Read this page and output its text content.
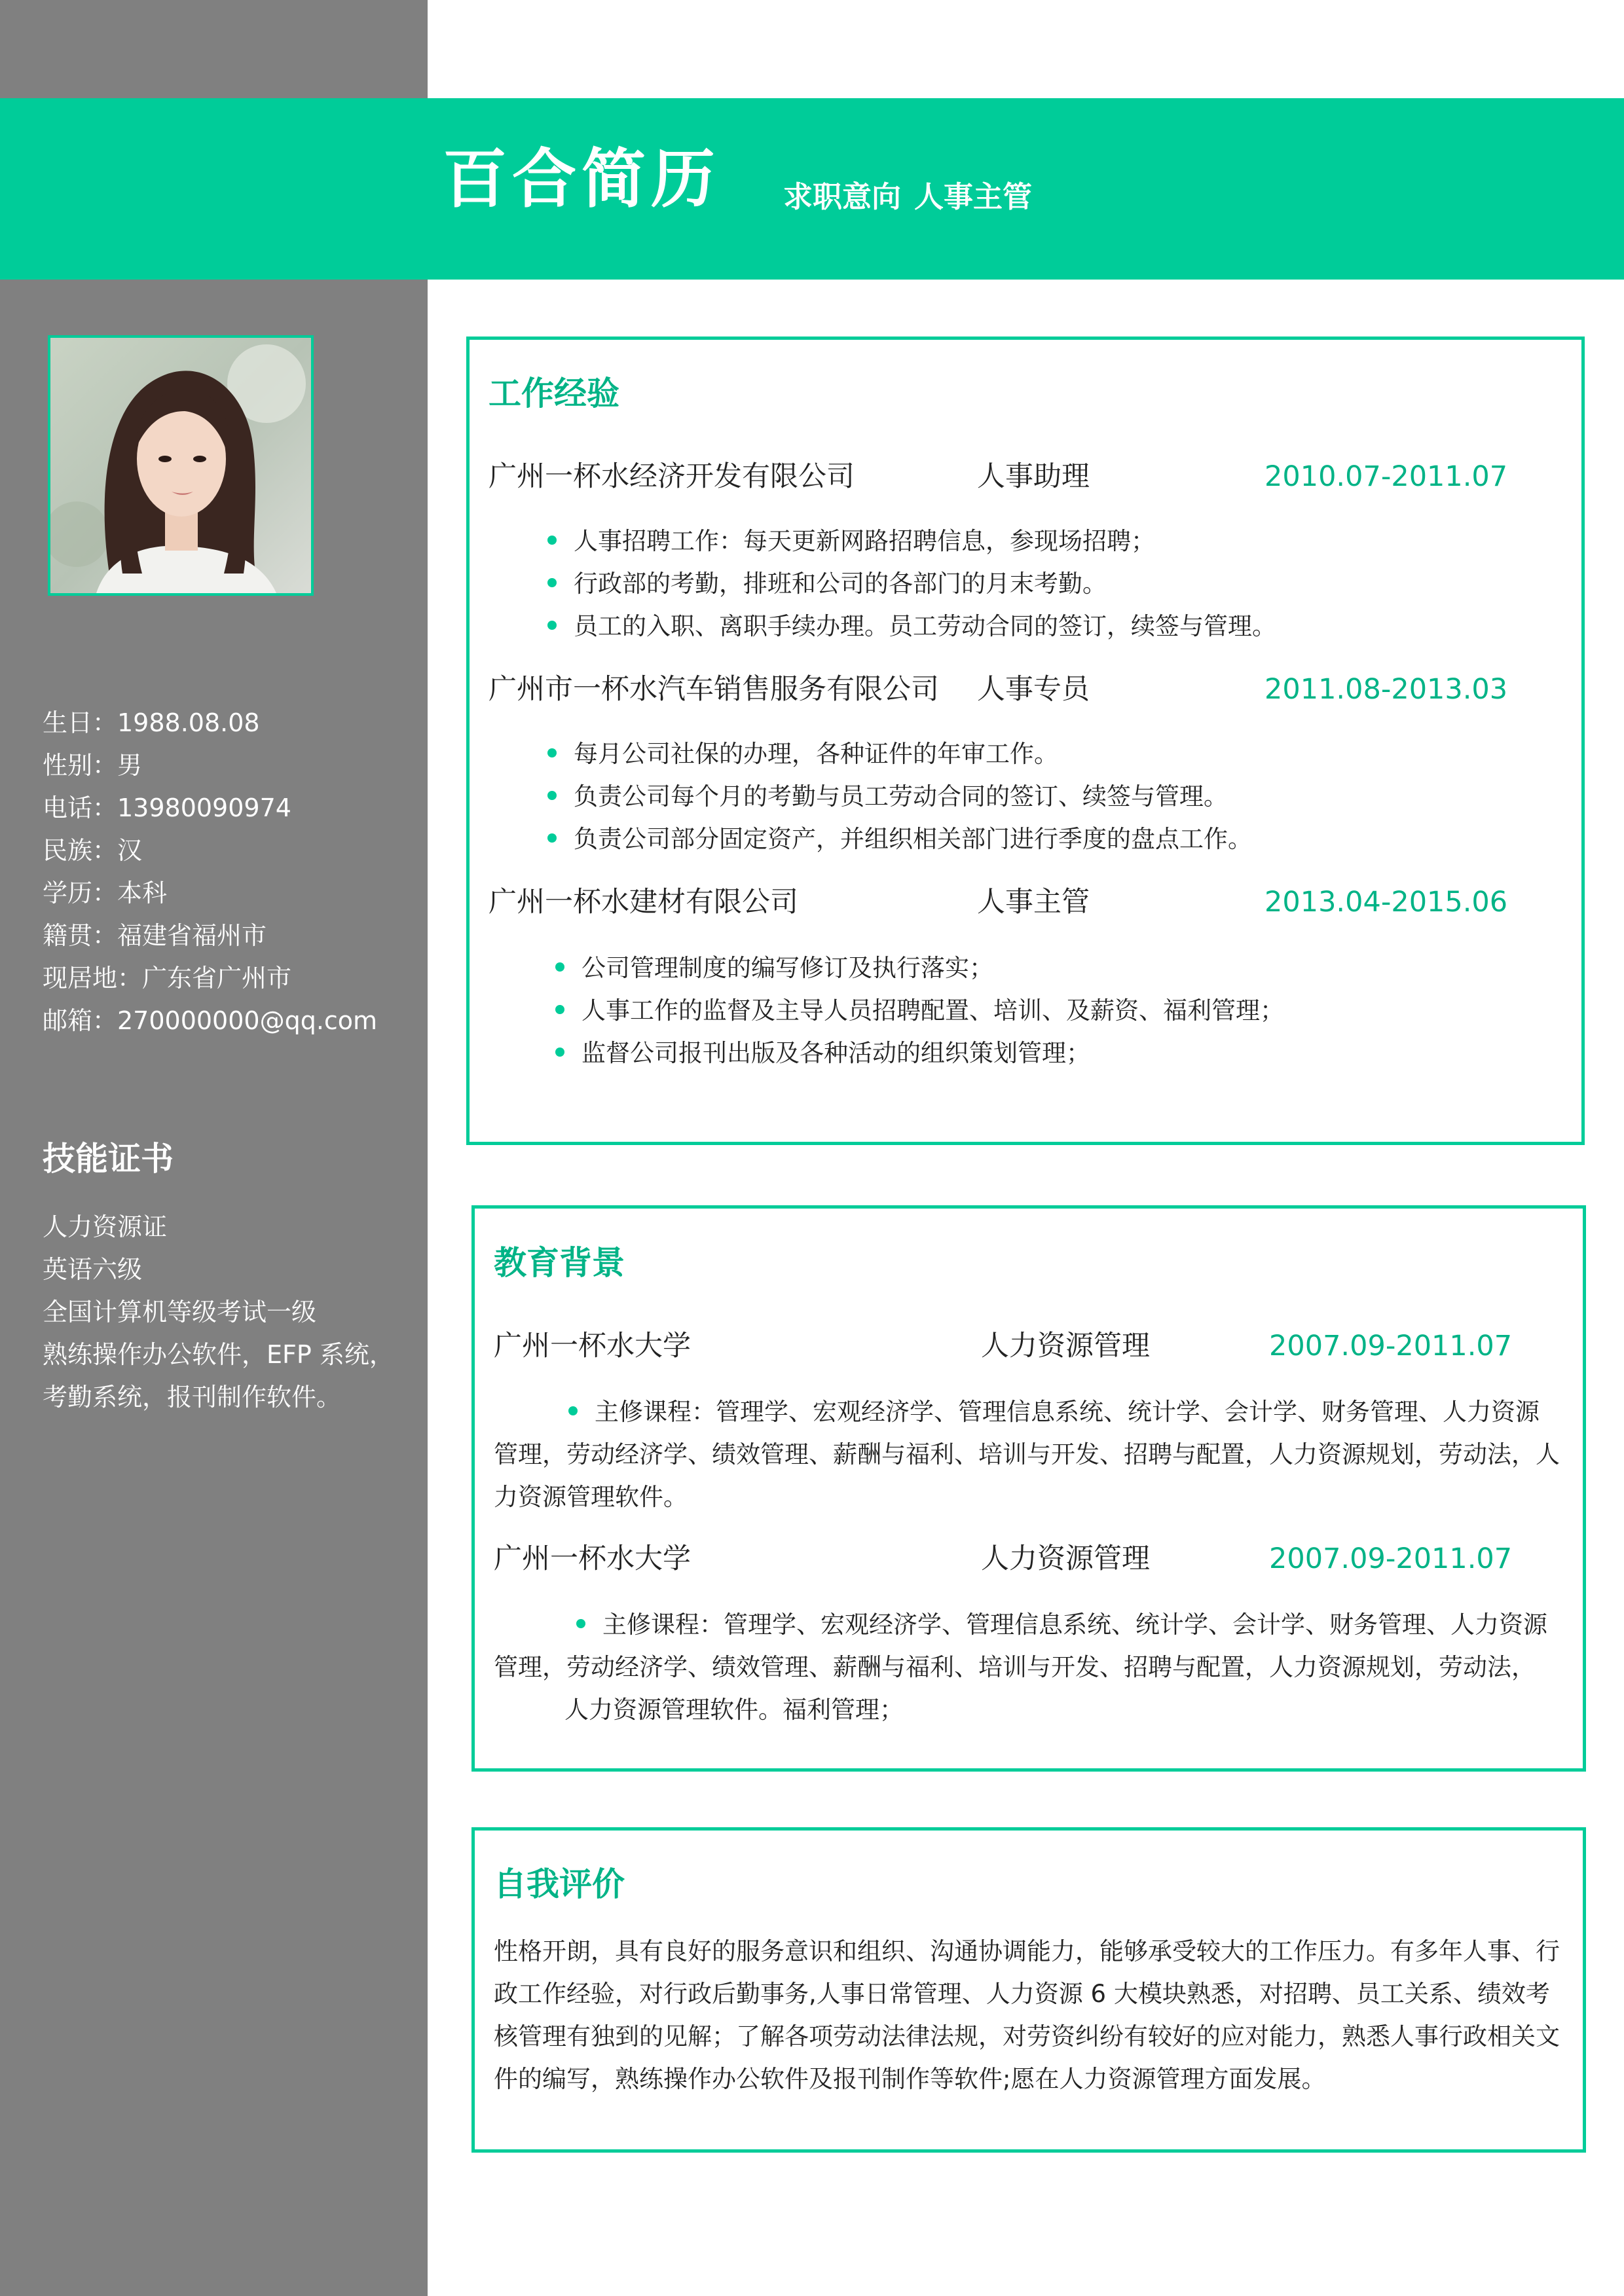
百合简历 求职意向 人事主管
生日：1988.08.08
性别：男
电话：13980090974
民族：汉
学历：本科
籍贯：福建省福州市
现居地：广东省广州市
邮箱：270000000@qq.com
技能证书
人力资源证
英语六级
全国计算机等级考试一级
熟练操作办公软件，EFP 系统，
考勤系统，报刊制作软件。
工作经验
广州一杯水经济开发有限公司	人事助理	2010.07-2011.07
人事招聘工作：每天更新网路招聘信息，参现场招聘；
行政部的考勤，排班和公司的各部门的月末考勤。
员工的入职、离职手续办理。员工劳动合同的签订，续签与管理。
广州市一杯水汽车销售服务有限公司 人事专员	2011.08-2013.03
每月公司社保的办理，各种证件的年审工作。
负责公司每个月的考勤与员工劳动合同的签订、续签与管理。
负责公司部分固定资产，并组织相关部门进行季度的盘点工作。
广州一杯水建材有限公司	人事主管	2013.04-2015.06
公司管理制度的编写修订及执行落实；
人事工作的监督及主导人员招聘配置、培训、及薪资、福利管理；
监督公司报刊出版及各种活动的组织策划管理；
教育背景
广州一杯水大学	人力资源管理	2007.09-2011.07
主修课程：管理学、宏观经济学、管理信息系统、统计学、会计学、财务管理、人力资源
管理，劳动经济学、绩效管理、薪酬与福利、培训与开发、招聘与配置，人力资源规划，劳动法，人
力资源管理软件。
广州一杯水大学	人力资源管理	2007.09-2011.07
主修课程：管理学、宏观经济学、管理信息系统、统计学、会计学、财务管理、人力资源
管理，劳动经济学、绩效管理、薪酬与福利、培训与开发、招聘与配置，人力资源规划，劳动法，
人力资源管理软件。福利管理；
自我评价
性格开朗，具有良好的服务意识和组织、沟通协调能力，能够承受较大的工作压力。有多年人事、行
政工作经验，对行政后勤事务,人事日常管理、人力资源 6 大模块熟悉，对招聘、员工关系、绩效考
核管理有独到的见解；了解各项劳动法律法规，对劳资纠纷有较好的应对能力，熟悉人事行政相关文
件的编写，熟练操作办公软件及报刊制作等软件;愿在人力资源管理方面发展。
